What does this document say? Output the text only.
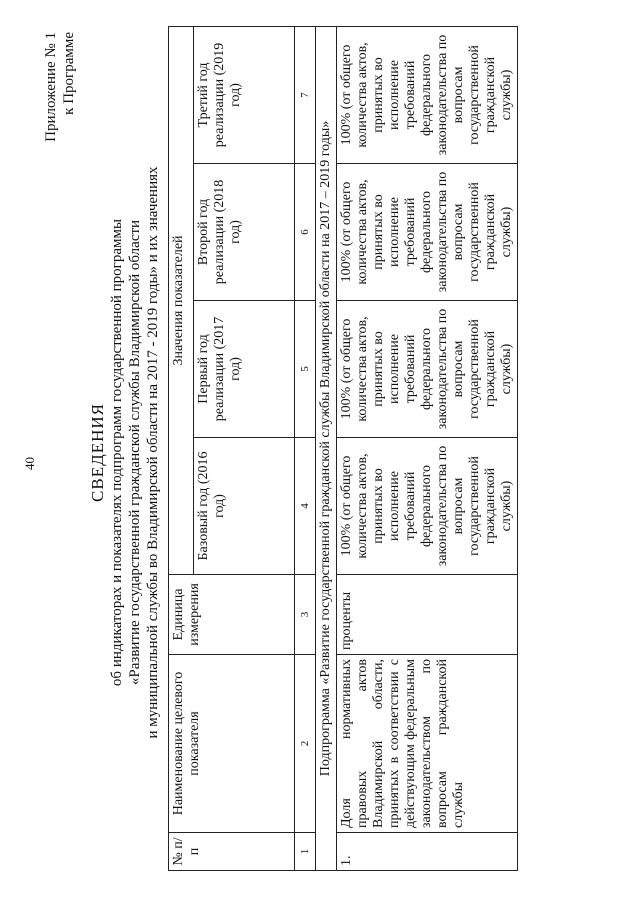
40
Приложение № 1 к Программе
СВЕДЕНИЯ об индикаторах и показателях подпрограмм государственной программы «Развитие государственной гражданской службы Владимирской области и муниципальной службы во Владимирской области на 2017 - 2019 годы» и их значениях
№ п/п	Наименование целевого показателя	Единица измерения	Значения показателей			
			Базовый год (2016 год)	Первый год реализации (2017 год)	Второй год реализации (2018 год)	Третий год реализации (2019 год)
1	2	3	4	5	6	7
Подпрограмма «Развитие государственной гражданской службы Владимирской области на 2017 – 2019 годы»						
1.	Доля нормативных правовых актов Владимирской области, принятых в соответствии с действующим федеральным законодательством по вопросам гражданской службы	проценты	100% (от общего количества актов, принятых во исполнение требований федерального законодательства по вопросам государственной гражданской службы)	100% (от общего количества актов, принятых во исполнение требований федерального законодательства по вопросам государственной гражданской службы)	100% (от общего количества актов, принятых во исполнение требований федерального законодательства по вопросам государственной гражданской службы)	100% (от общего количества актов, принятых во исполнение требований федерального законодательства по вопросам государственной гражданской службы)
